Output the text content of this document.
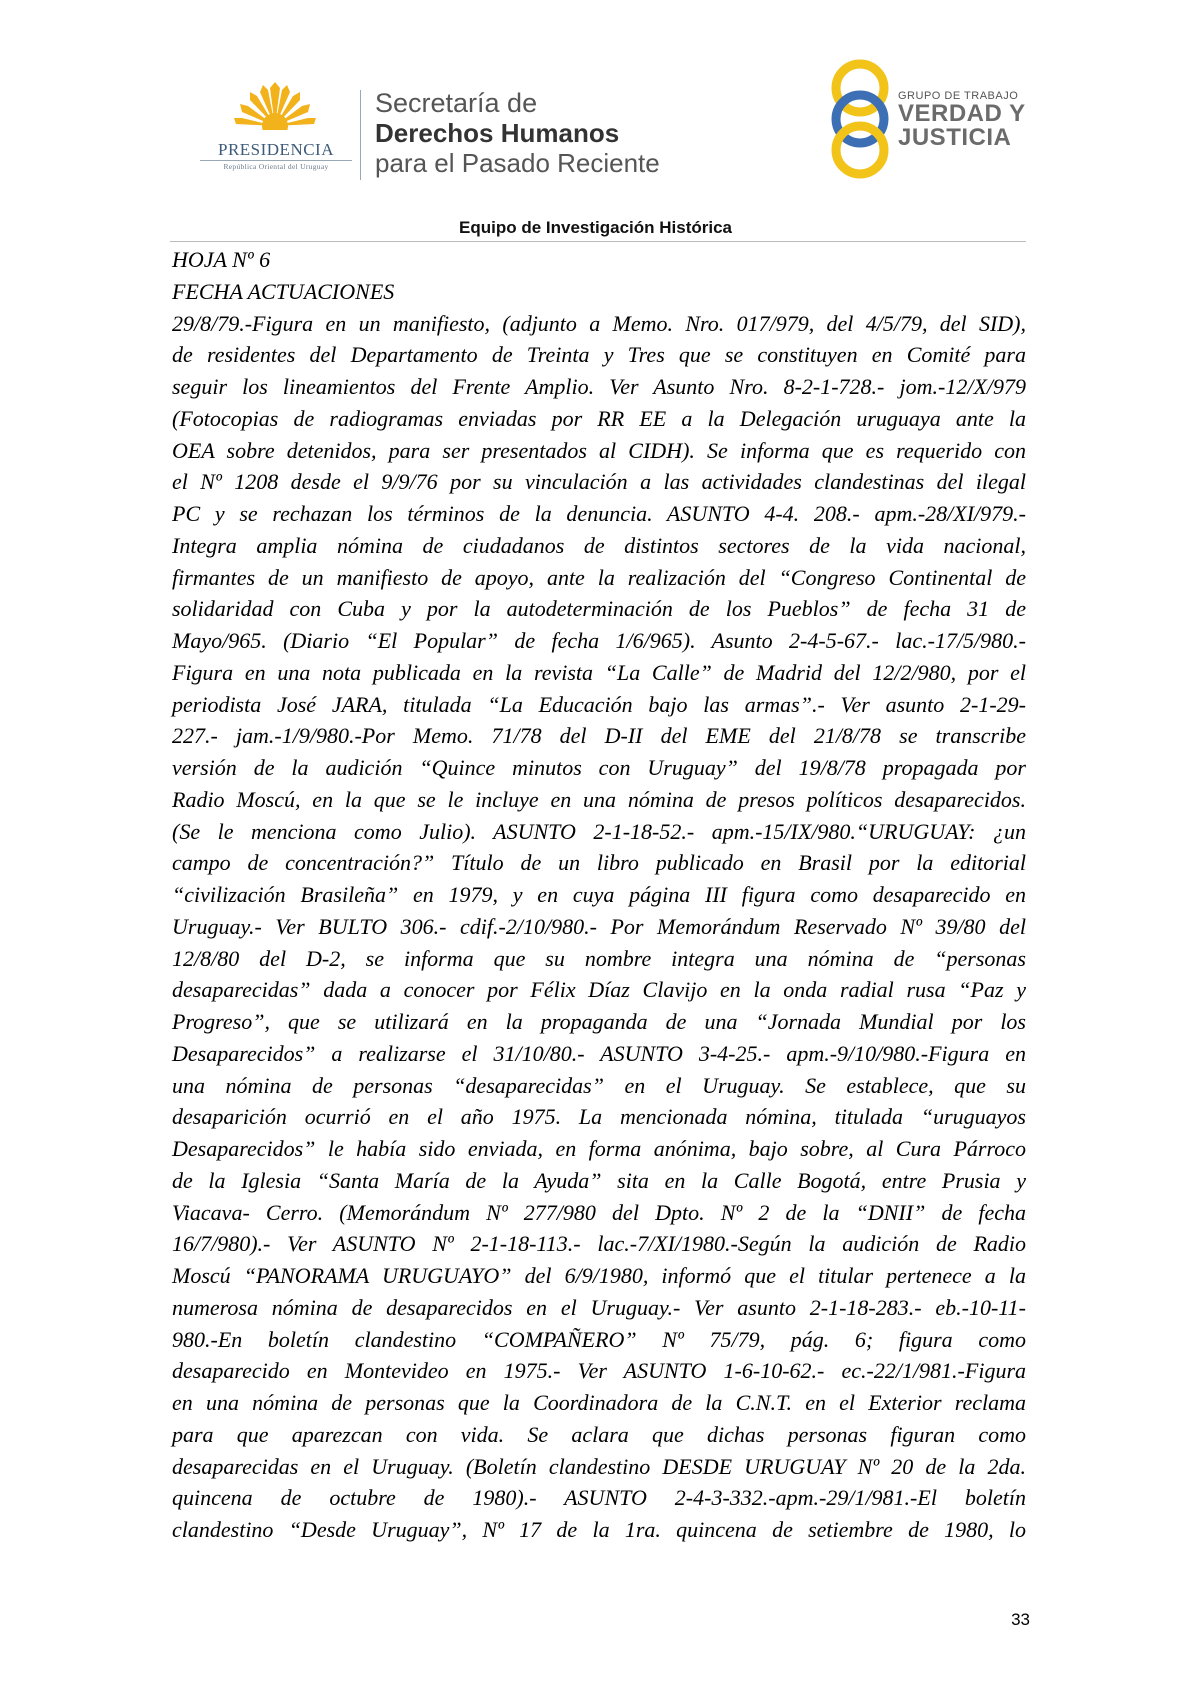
PRESIDENCIA
República Oriental del Uruguay
Secretaría de
Derechos Humanos
para el Pasado Reciente
GRUPO DE TRABAJO
VERDAD Y
JUSTICIA
Equipo de Investigación Histórica
HOJA Nº 6
FECHA ACTUACIONES
29/8/79.-Figura en un manifiesto, (adjunto a Memo. Nro. 017/979, del 4/5/79, del SID),
de residentes del Departamento de Treinta y Tres que se constituyen en Comité para
seguir los lineamientos del Frente Amplio. Ver Asunto Nro. 8-2-1-728.- jom.-12/X/979
(Fotocopias de radiogramas enviadas por RR EE a la Delegación uruguaya ante la
OEA sobre detenidos, para ser presentados al CIDH). Se informa que es requerido con
el Nº 1208 desde el 9/9/76 por su vinculación a las actividades clandestinas del ilegal
PC y se rechazan los términos de la denuncia. ASUNTO 4-4. 208.- apm.-28/XI/979.-
Integra amplia nómina de ciudadanos de distintos sectores de la vida nacional,
firmantes de un manifiesto de apoyo, ante la realización del “Congreso Continental de
solidaridad con Cuba y por la autodeterminación de los Pueblos” de fecha 31 de
Mayo/965. (Diario “El Popular” de fecha 1/6/965). Asunto 2-4-5-67.- lac.-17/5/980.-
Figura en una nota publicada en la revista “La Calle” de Madrid del 12/2/980, por el
periodista José JARA, titulada “La Educación bajo las armas”.- Ver asunto 2-1-29-
227.- jam.-1/9/980.-Por Memo. 71/78 del D-II del EME del 21/8/78 se transcribe
versión de la audición “Quince minutos con Uruguay” del 19/8/78 propagada por
Radio Moscú, en la que se le incluye en una nómina de presos políticos desaparecidos.
(Se le menciona como Julio). ASUNTO 2-1-18-52.- apm.-15/IX/980.“URUGUAY: ¿un
campo de concentración?” Título de un libro publicado en Brasil por la editorial
“civilización Brasileña” en 1979, y en cuya página III figura como desaparecido en
Uruguay.- Ver BULTO 306.- cdif.-2/10/980.- Por Memorándum Reservado Nº 39/80 del
12/8/80 del D-2, se informa que su nombre integra una nómina de “personas
desaparecidas” dada a conocer por Félix Díaz Clavijo en la onda radial rusa “Paz y
Progreso”, que se utilizará en la propaganda de una “Jornada Mundial por los
Desaparecidos” a realizarse el 31/10/80.- ASUNTO 3-4-25.- apm.-9/10/980.-Figura en
una nómina de personas “desaparecidas” en el Uruguay. Se establece, que su
desaparición ocurrió en el año 1975. La mencionada nómina, titulada “uruguayos
Desaparecidos” le había sido enviada, en forma anónima, bajo sobre, al Cura Párroco
de la Iglesia “Santa María de la Ayuda” sita en la Calle Bogotá, entre Prusia y
Viacava- Cerro. (Memorándum Nº 277/980 del Dpto. Nº 2 de la “DNII” de fecha
16/7/980).- Ver ASUNTO Nº 2-1-18-113.- lac.-7/XI/1980.-Según la audición de Radio
Moscú “PANORAMA URUGUAYO” del 6/9/1980, informó que el titular pertenece a la
numerosa nómina de desaparecidos en el Uruguay.- Ver asunto 2-1-18-283.- eb.-10-11-
980.-En boletín clandestino “COMPAÑERO” Nº 75/79, pág. 6; figura como
desaparecido en Montevideo en 1975.- Ver ASUNTO 1-6-10-62.- ec.-22/1/981.-Figura
en una nómina de personas que la Coordinadora de la C.N.T. en el Exterior reclama
para que aparezcan con vida. Se aclara que dichas personas figuran como
desaparecidas en el Uruguay. (Boletín clandestino DESDE URUGUAY Nº 20 de la 2da.
quincena de octubre de 1980).- ASUNTO 2-4-3-332.-apm.-29/1/981.-El boletín
clandestino “Desde Uruguay”, Nº 17 de la 1ra. quincena de setiembre de 1980, lo
33
